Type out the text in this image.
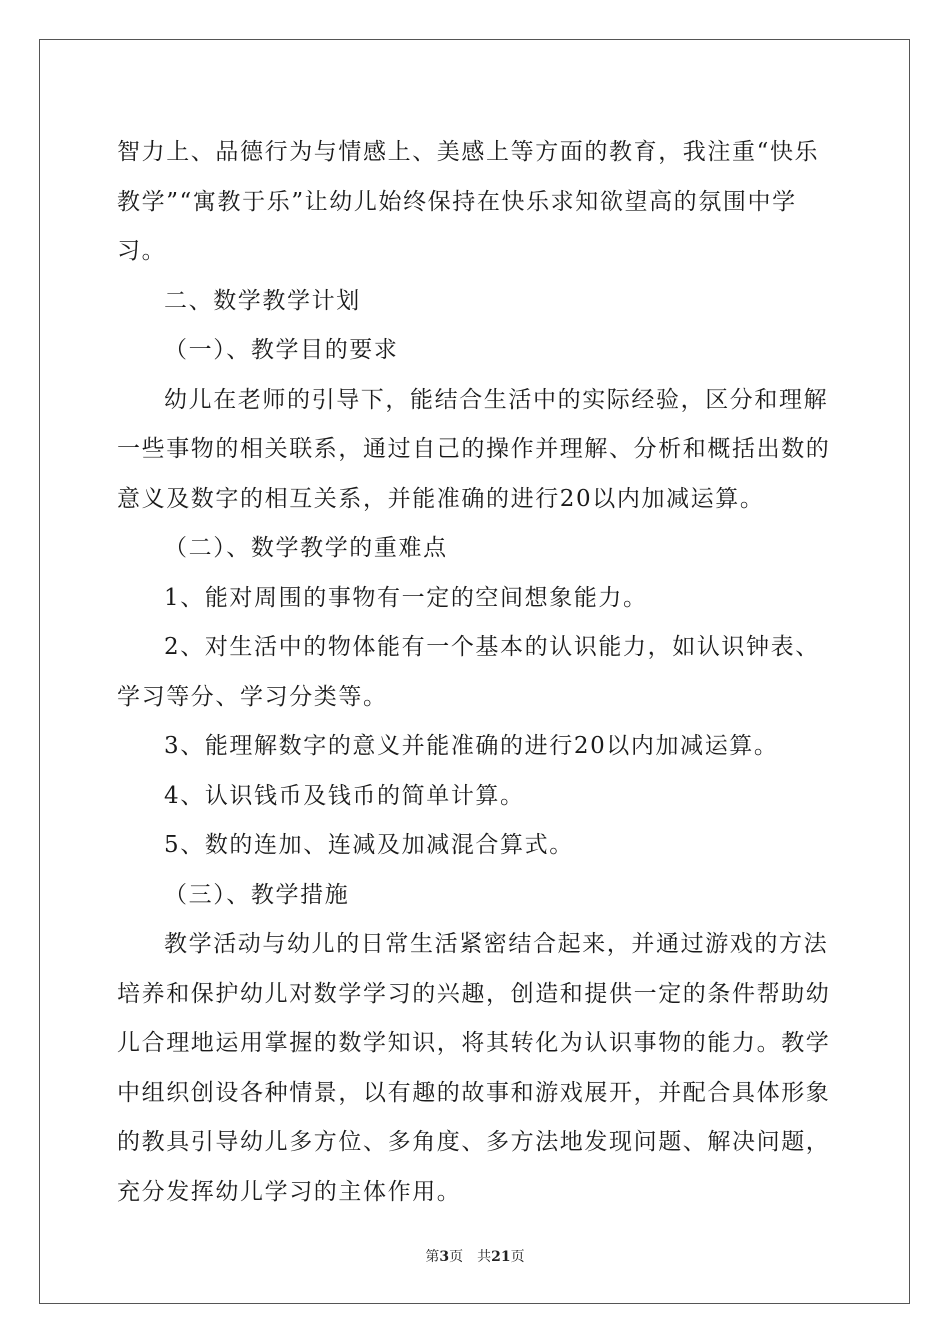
智力上、品德行为与情感上、美感上等方面的教育，我注重“快乐教学”“寓教于乐”让幼儿始终保持在快乐求知欲望高的氛围中学习。

二、数学教学计划

（一）、教学目的要求

幼儿在老师的引导下，能结合生活中的实际经验，区分和理解一些事物的相关联系，通过自己的操作并理解、分析和概括出数的意义及数字的相互关系，并能准确的进行20以内加减运算。

（二）、数学教学的重难点

1、能对周围的事物有一定的空间想象能力。

2、对生活中的物体能有一个基本的认识能力，如认识钟表、学习等分、学习分类等。

3、能理解数字的意义并能准确的进行20以内加减运算。

4、认识钱币及钱币的简单计算。

5、数的连加、连减及加减混合算式。

（三）、教学措施

教学活动与幼儿的日常生活紧密结合起来，并通过游戏的方法培养和保护幼儿对数学学习的兴趣，创造和提供一定的条件帮助幼儿合理地运用掌握的数学知识，将其转化为认识事物的能力。教学中组织创设各种情景，以有趣的故事和游戏展开，并配合具体形象的教具引导幼儿多方位、多角度、多方法地发现问题、解决问题，充分发挥幼儿学习的主体作用。

第3页 共21页
